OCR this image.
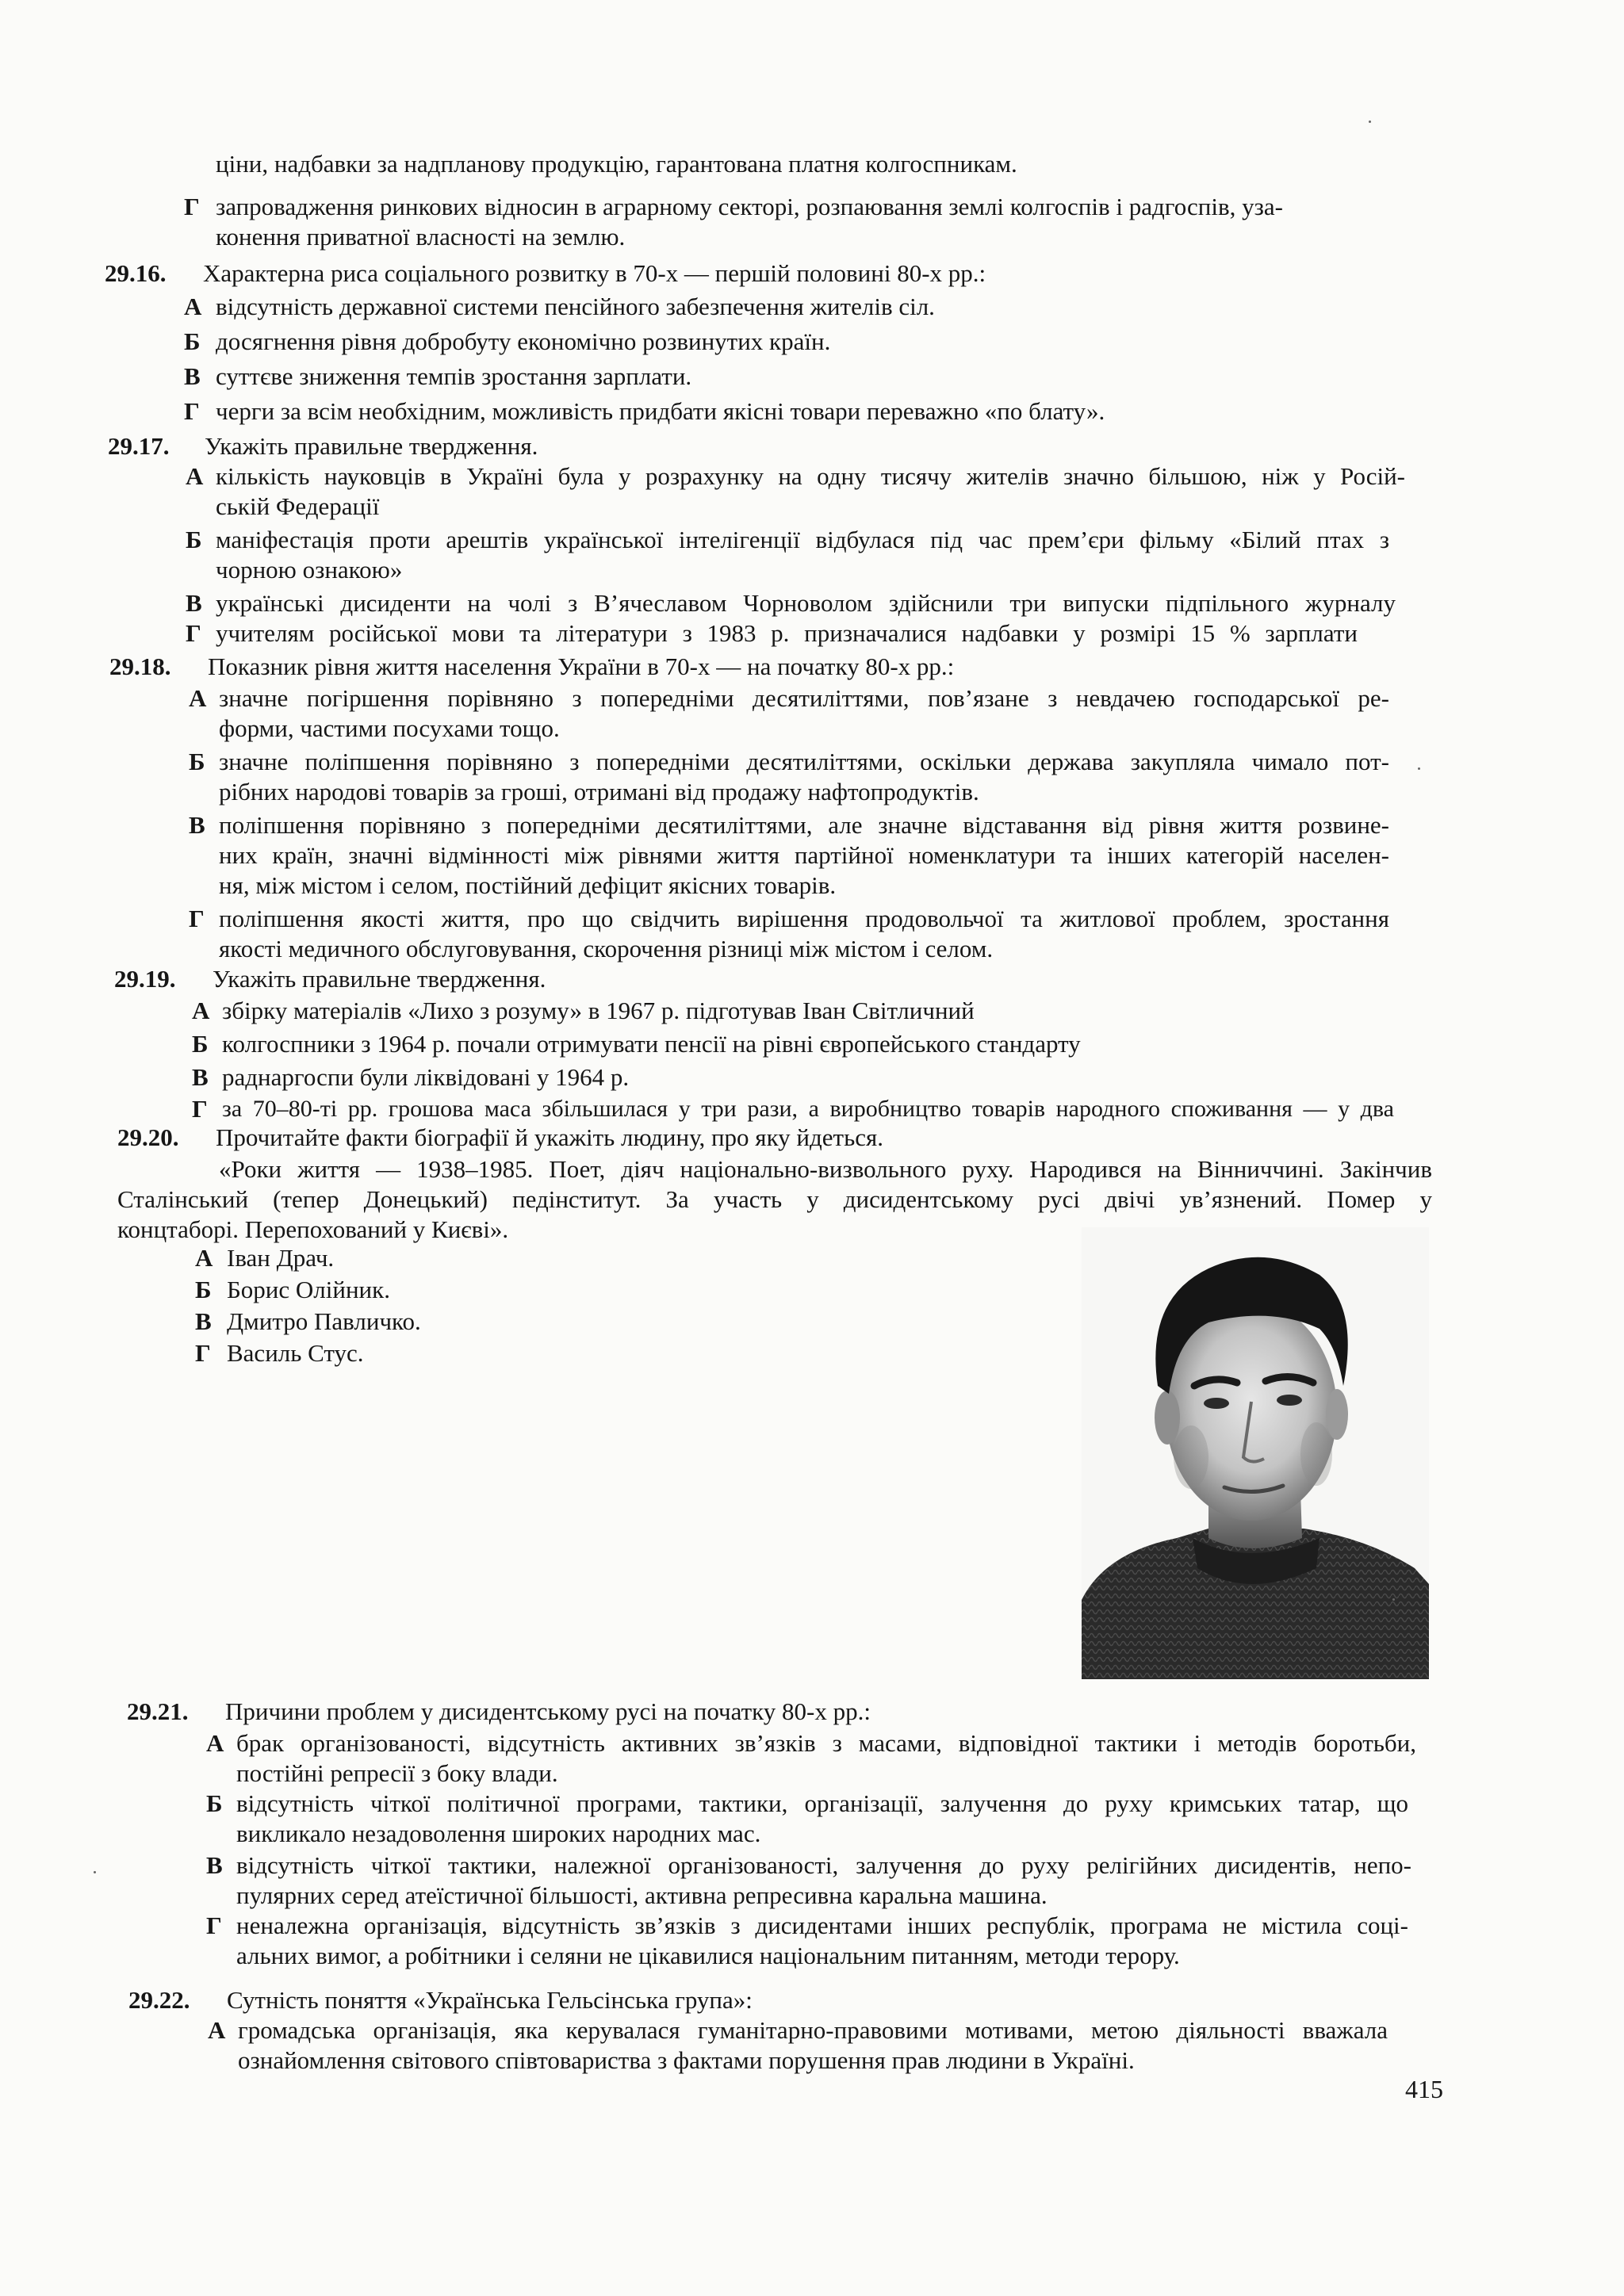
ціни, надбавки за надпланову продукцію, гарантована платня колгоспникам.
Г запровадження ринкових відносин в аграрному секторі, розпаювання землі колгоспів і радгоспів, уза-
конення приватної власності на землю.
29.16. Характерна риса соціального розвитку в 70-х — першій половині 80-х рр.:
А відсутність державної системи пенсійного забезпечення жителів сіл.
Б досягнення рівня добробуту економічно розвинутих країн.
В суттєве зниження темпів зростання зарплати.
Г черги за всім необхідним, можливість придбати якісні товари переважно «по блату».
29.17. Укажіть правильне твердження.
А кількість науковців в Україні була у розрахунку на одну тисячу жителів значно більшою, ніж у Росій-
ській Федерації
Б маніфестація проти арештів української інтелігенції відбулася під час прем’єри фільму «Білий птах з
чорною ознакою»
В українські дисиденти на чолі з В’ячеславом Чорноволом здійснили три випуски підпільного журналу
Г учителям російської мови та літератури з 1983 р. призначалися надбавки у розмірі 15 % зарплати
29.18. Показник рівня життя населення України в 70-х — на початку 80-х рр.:
А значне погіршення порівняно з попередніми десятиліттями, пов’язане з невдачею господарської ре-
форми, частими посухами тощо.
Б значне поліпшення порівняно з попередніми десятиліттями, оскільки держава закупляла чимало пот-
рібних народові товарів за гроші, отримані від продажу нафтопродуктів.
В поліпшення порівняно з попередніми десятиліттями, але значне відставання від рівня життя розвине-
них країн, значні відмінності між рівнями життя партійної номенклатури та інших категорій населен-
ня, між містом і селом, постійний дефіцит якісних товарів.
Г поліпшення якості життя, про що свідчить вирішення продовольчої та житлової проблем, зростання
якості медичного обслуговування, скорочення різниці між містом і селом.
29.19. Укажіть правильне твердження.
А збірку матеріалів «Лихо з розуму» в 1967 р. підготував Іван Світличний
Б колгоспники з 1964 р. почали отримувати пенсії на рівні європейського стандарту
В раднаргоспи були ліквідовані у 1964 р.
Г за 70–80-ті рр. грошова маса збільшилася у три рази, а виробництво товарів народного споживання — у два
29.20. Прочитайте факти біографії й укажіть людину, про яку йдеться.
«Роки життя — 1938–1985. Поет, діяч національно-визвольного руху. Народився на Вінниччині. Закінчив
Сталінський (тепер Донецький) педінститут. За участь у дисидентському русі двічі ув’язнений. Помер у
концтаборі. Перепохований у Києві».
А Іван Драч.
Б Борис Олійник.
В Дмитро Павличко.
Г Василь Стус.
29.21. Причини проблем у дисидентському русі на початку 80-х рр.:
А брак організованості, відсутність активних зв’язків з масами, відповідної тактики і методів боротьби,
постійні репресії з боку влади.
Б відсутність чіткої політичної програми, тактики, організації, залучення до руху кримських татар, що
викликало незадоволення широких народних мас.
В відсутність чіткої тактики, належної організованості, залучення до руху релігійних дисидентів, непо-
пулярних серед атеїстичної більшості, активна репресивна каральна машина.
Г неналежна організація, відсутність зв’язків з дисидентами інших республік, програма не містила соці-
альних вимог, а робітники і селяни не цікавилися національним питанням, методи терору.
29.22. Сутність поняття «Українська Гельсінська група»:
А громадська організація, яка керувалася гуманітарно-правовими мотивами, метою діяльності вважала
ознайомлення світового співтовариства з фактами порушення прав людини в Україні.
415
